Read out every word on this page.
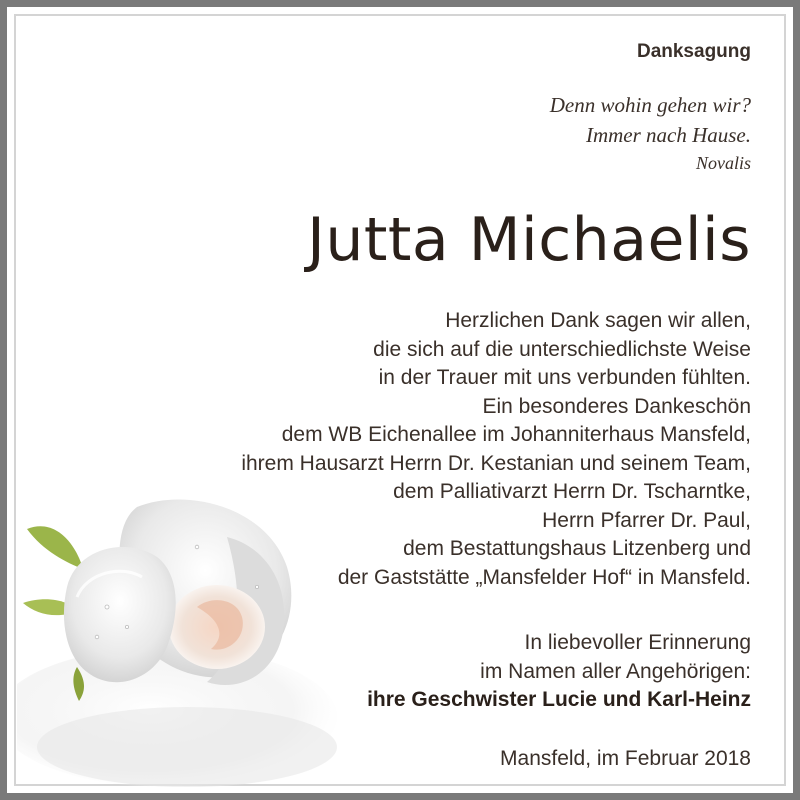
Danksagung
Denn wohin gehen wir?
Immer nach Hause.
Novalis
Jutta Michaelis
Herzlichen Dank sagen wir allen,
die sich auf die unterschiedlichste Weise
in der Trauer mit uns verbunden fühlten.
Ein besonderes Dankeschön
dem WB Eichenallee im Johanniterhaus Mansfeld,
ihrem Hausarzt Herrn Dr. Kestanian und seinem Team,
dem Palliativarzt Herrn Dr. Tscharntke,
Herrn Pfarrer Dr. Paul,
dem Bestattungshaus Litzenberg und
der Gaststätte „Mansfelder Hof“ in Mansfeld.
In liebevoller Erinnerung
im Namen aller Angehörigen:
ihre Geschwister Lucie und Karl-Heinz
Mansfeld, im Februar 2018
